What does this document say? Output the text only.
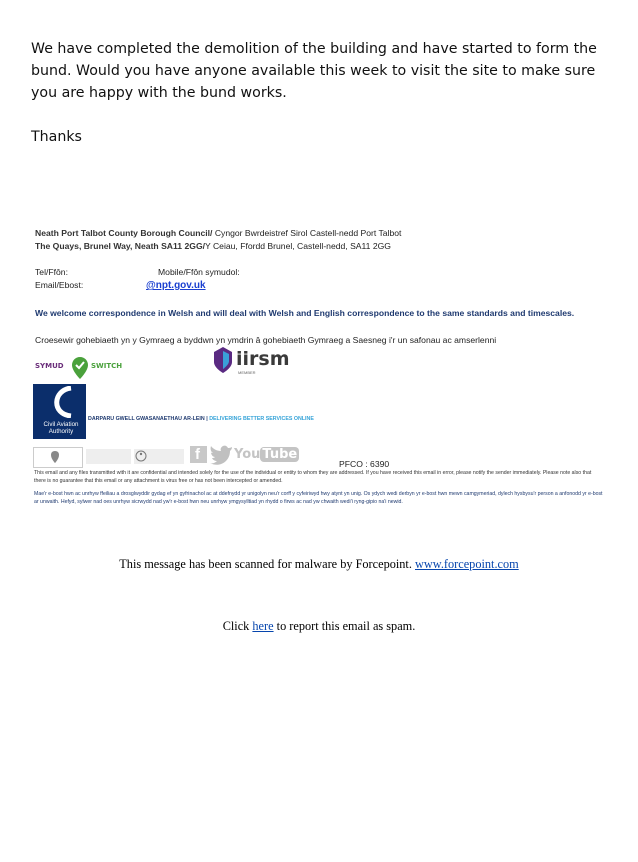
We have completed the demolition of the building and have started to form the bund. Would you have anyone available this week to visit the site to make sure you are happy with the bund works.

Thanks

Neath Port Talbot County Borough Council/ Cyngor Bwrdeistref Sirol Castell-nedd Port Talbot
The Quays, Brunel Way, Neath SA11 2GG/Y Ceiau, Ffordd Brunel, Castell-nedd, SA11 2GG
Tel/Ffôn:	Mobile/Ffôn symudol:
Email/Ebost:	@npt.gov.uk
We welcome correspondence in Welsh and will deal with Welsh and English correspondence to the same standards and timescales.
Croesewir gohebiaeth yn y Gymraeg a byddwn yn ymdrin â gohebiaeth Gymraeg a Saesneg i'r un safonau ac amserlenni
SYMUD	SWITCH	iirsm
MEMBER
Civil Aviation
Authority
DARPARU GWELL GWASANAETHAU AR-LEIN | DELIVERING BETTER SERVICES ONLINE
f	You Tube
PFCO : 6390
This email and any files transmitted with it are confidential and intended solely for the use of the individual or entity to whom they are addressed. If you have received this email in error, please notify the sender immediately. Please note also that there is no guarantee that this email or any attachment is virus free or has not been intercepted or amended.
Mae'r e-bost hwn ac unrhyw ffeiliau a drosglwyddir gydag ef yn gyfrinachol ac at ddefnydd yr unigolyn neu'r corff y cyfeiriwyd hwy atynt yn unig. Os ydych wedi derbyn yr e-bost hwn mewn camgymeriad, dylech hysbysu'r person a anfonodd yr e-bost ar unwaith. Hefyd, sylwer nad oes unrhyw sicrwydd nad yw'r e-bost hwn neu unrhyw ymgysylltiad yn rhydd o firws ac nad yw chwaith wedi'i ryng-gipio na'i newid.
This message has been scanned for malware by Forcepoint. www.forcepoint.com
Click here to report this email as spam.
